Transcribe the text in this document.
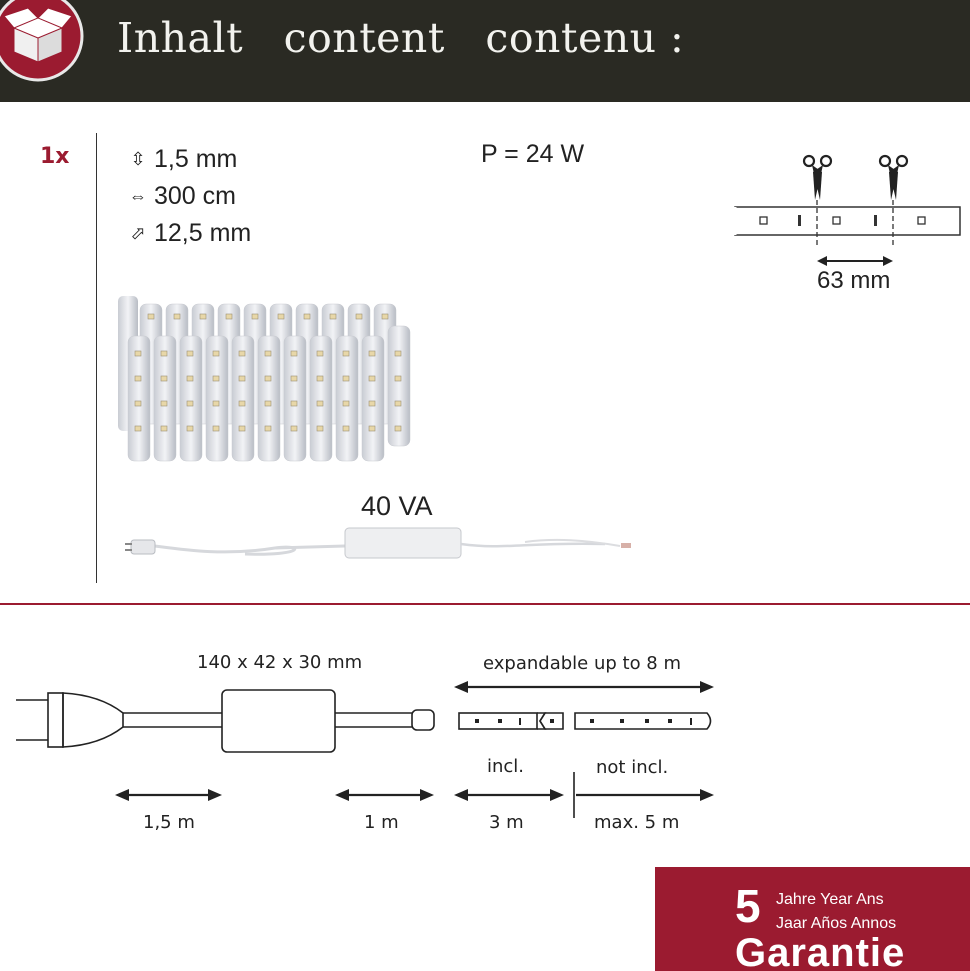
Inhalt   content   contenu :
1x	⇳ 1,5 mm
⇔ 300 cm
⬀ 12,5 mm
P = 24 W
63 mm
40 VA
140 x 42 x 30 mm	expandable up to 8 m
incl.	not incl.
1,5 m	1 m	3 m	max. 5 m
5 Jahre Year Ans
Jaar Años Annos
Garantie
